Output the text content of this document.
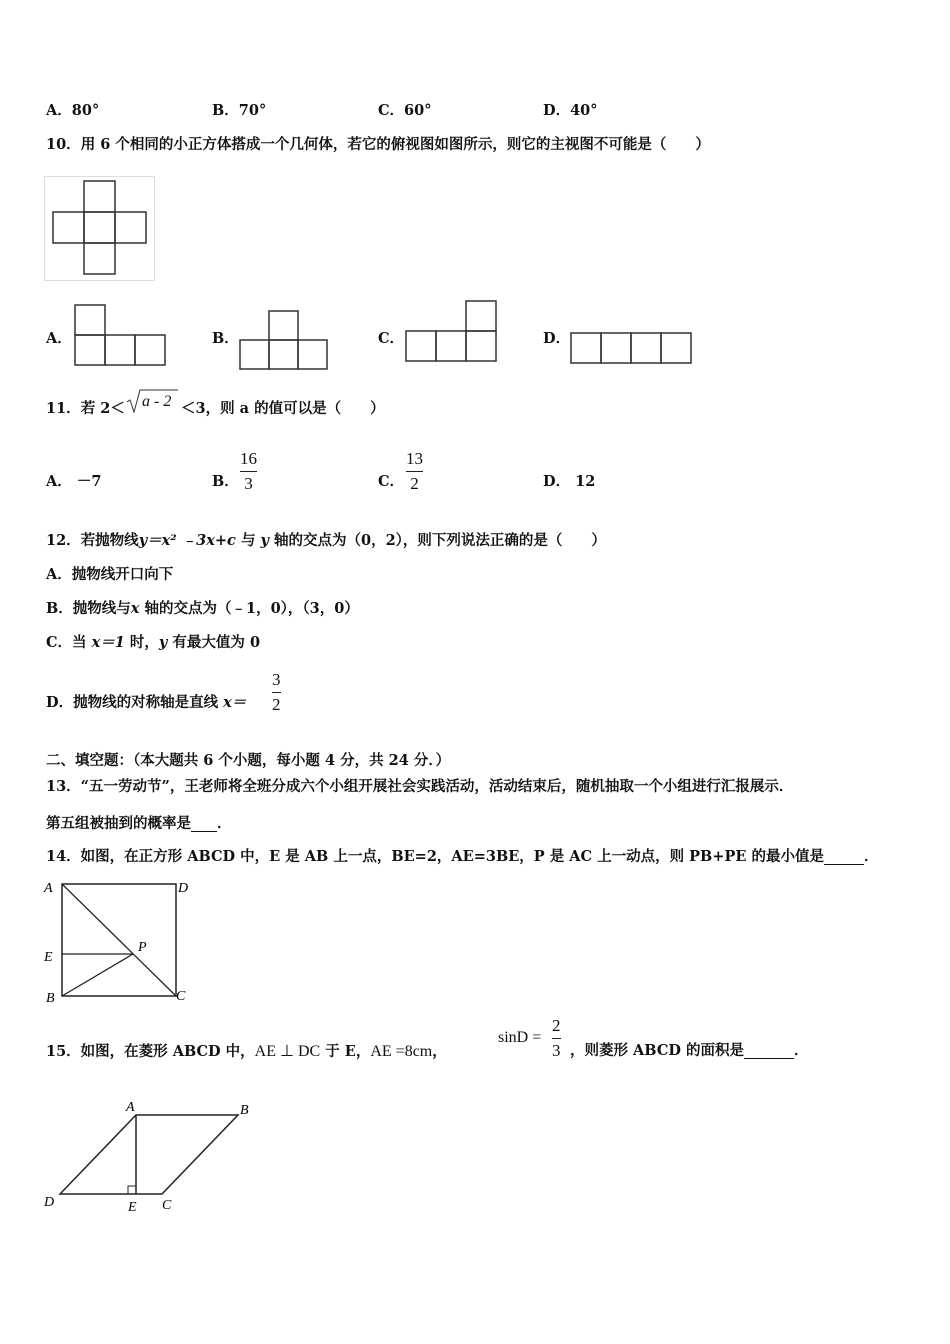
A．80°	B．70°	C．60°	D．40°
10．用 6 个相同的小正方体搭成一个几何体，若它的俯视图如图所示，则它的主视图不可能是（　　）
A．	B．	C．	D．
11．若 2＜ a - 2 ＜3，则 a 的值可以是（　　）
A． －7	B．
16
3	C．
13
2	D． 12
12．若抛物线y＝x² ﹣3x+c 与 y 轴的交点为（0，2），则下列说法正确的是（　　）
A．抛物线开口向下
B．抛物线与x 轴的交点为（﹣1，0），（3，0）
C．当 x＝1 时，y 有最大值为 0
D．抛物线的对称轴是直线 x＝
3
2
二、填空题：（本大题共 6 个小题，每小题 4 分，共 24 分．）
13．“五一劳动节”，王老师将全班分成六个小组开展社会实践活动，活动结束后，随机抽取一个小组进行汇报展示．
第五组被抽到的概率是 ．
14．如图，在正方形 ABCD 中，E 是 AB 上一点，BE=2，AE=3BE，P 是 AC 上一动点，则 PB+PE 的最小值是	．
A	D
E
P
B	C
15．如图，在菱形 ABCD 中，AE ⊥ DC 于 E，AE =8cm，
sinD =
2
3 ，则菱形 ABCD 的面积是	．
A	B
D	E C
